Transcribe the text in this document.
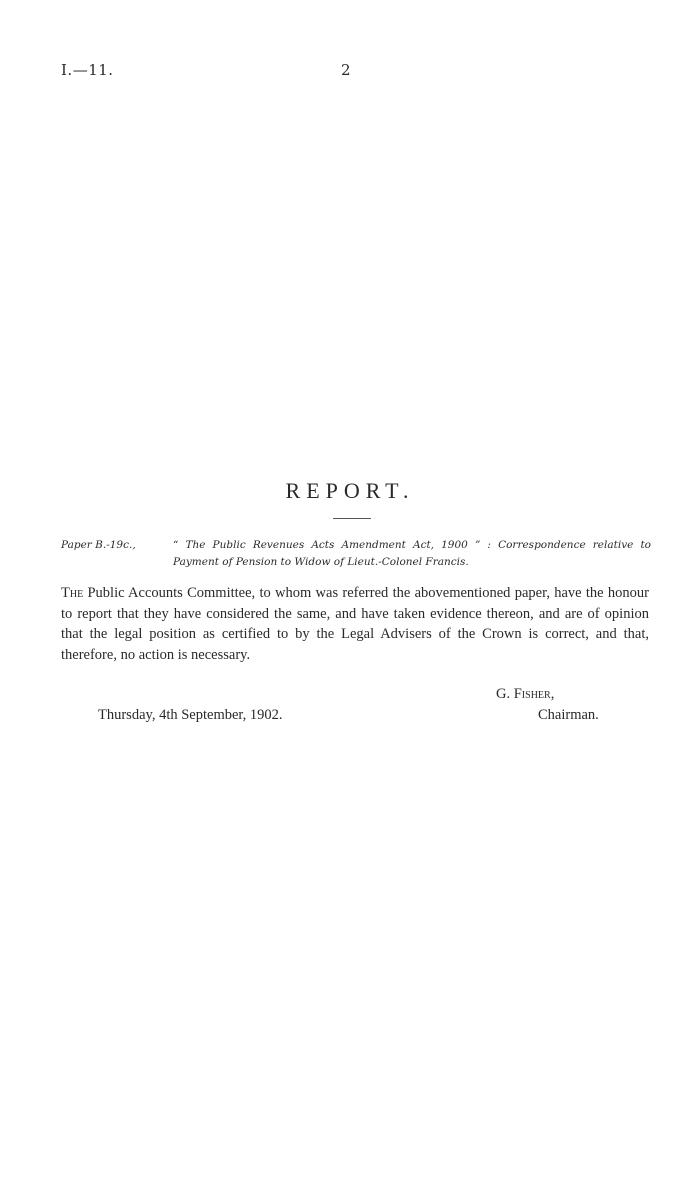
I.—11.	2
REPORT.
Paper B.-19c.,	“ The Public Revenues Acts Amendment Act, 1900 ” : Correspondence relative to Payment of Pension to Widow of Lieut.-Colonel Francis.
The Public Accounts Committee, to whom was referred the abovementioned paper, have the honour to report that they have considered the same, and have taken evidence thereon, and are of opinion that the legal position as certified to by the Legal Advisers of the Crown is correct, and that, therefore, no action is necessary.
G. Fisher,
Thursday, 4th September, 1902.	Chairman.
